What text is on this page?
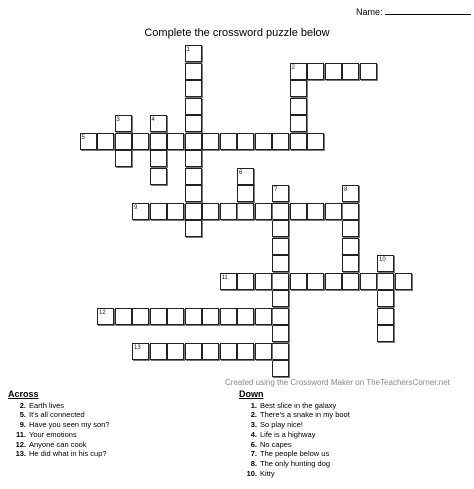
Name:
Complete the crossword puzzle below
1
2
3	4
5
6
7	8
9
10
11
12
13
Created using the Crossword Maker on TheTeachersCorner.net
Across
2. Earth lives
5. It's all connected
9. Have you seen my son?
11. Your emotions
12. Anyone can cook
13. He did what in his cup?
Down
1. Best slice in the galaxy
2. There's a snake in my boot
3. So play nice!
4. Life is a highway
6. No capes
7. The people below us
8. The only hunting dog
10. Kitty
